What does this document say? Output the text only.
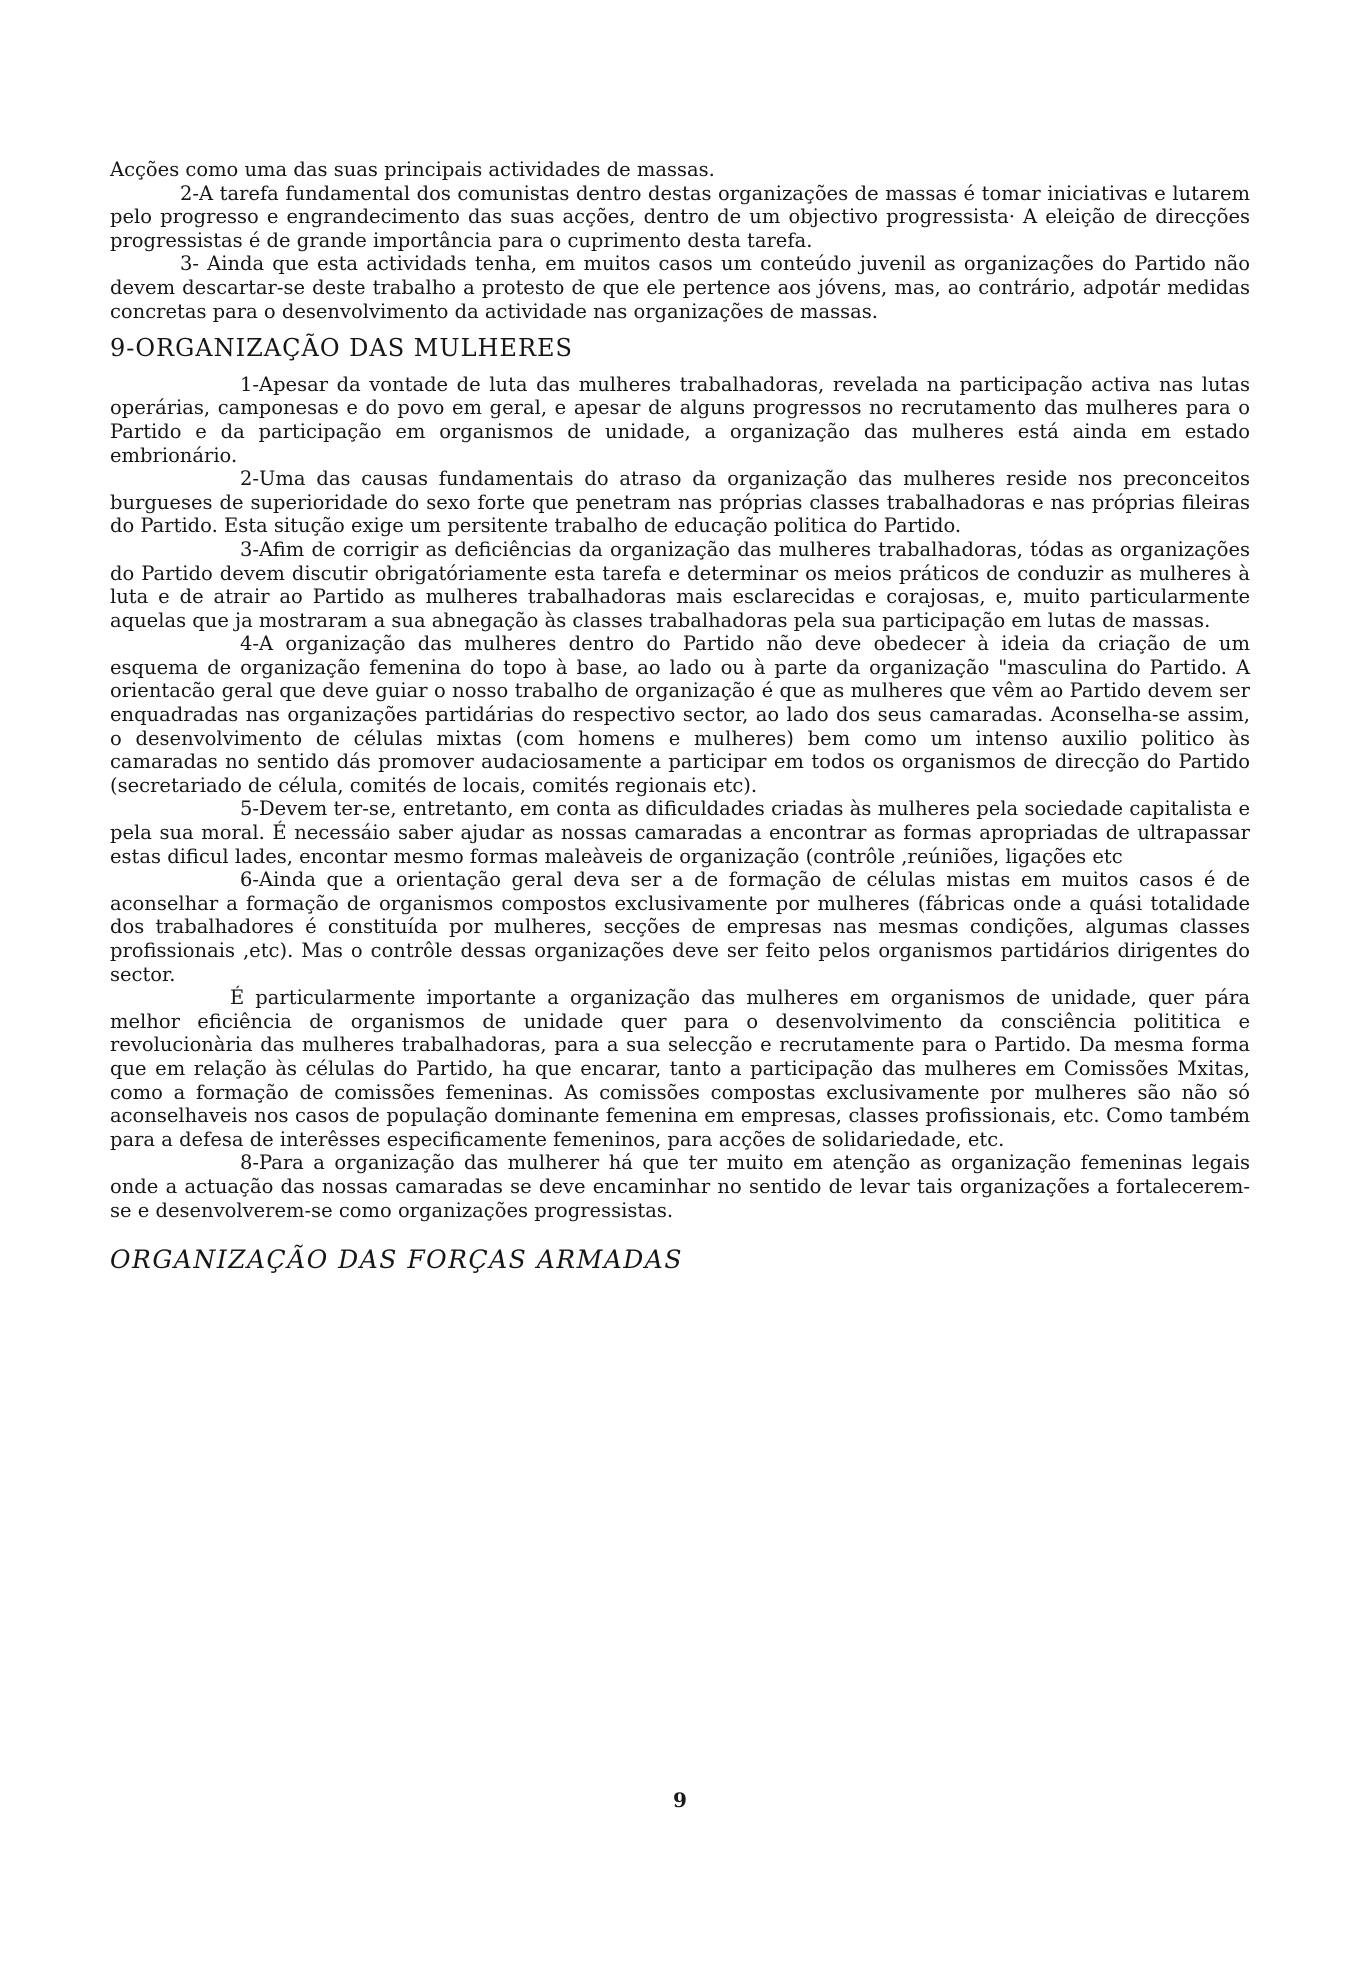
Acções como uma das suas principais actividades de massas.

2-A tarefa fundamental dos comunistas dentro destas organizações de massas é tomar iniciativas e lutarem pelo progresso e engrandecimento das suas acções, dentro de um objectivo progressista· A eleição de direcções progressistas é de grande importância para o cuprimento desta tarefa.

3- Ainda que esta actividads tenha, em muitos casos um conteúdo juvenil as organizações do Partido não devem descartar-se deste trabalho a protesto de que ele pertence aos jóvens, mas, ao contrário, adpotár medidas concretas para o desenvolvimento da actividade nas organizações de massas.

9-ORGANIZAÇÃO DAS MULHERES

1-Apesar da vontade de luta das mulheres trabalhadoras, revelada na participação activa nas lutas operárias, camponesas e do povo em geral, e apesar de alguns progressos no recrutamento das mulheres para o Partido e da participação em organismos de unidade, a organização das mulheres está ainda em estado embrionário.

2-Uma das causas fundamentais do atraso da organização das mulheres reside nos preconceitos burgueses de superioridade do sexo forte que penetram nas próprias classes trabalhadoras e nas próprias fileiras do Partido. Esta situção exige um persitente trabalho de educação politica do Partido.

3-Afim de corrigir as deficiências da organização das mulheres trabalhadoras, tódas as organizações do Partido devem discutir obrigatóriamente esta tarefa e determinar os meios práticos de conduzir as mulheres à luta e de atrair ao Partido as mulheres trabalhadoras mais esclarecidas e corajosas, e, muito particularmente aquelas que ja mostraram a sua abnegação às classes trabalhadoras pela sua participação em lutas de massas.

4-A organização das mulheres dentro do Partido não deve obedecer à ideia da criação de um esquema de organização femenina do topo à base, ao lado ou à parte da organização "masculina do Partido. A orientacão geral que deve guiar o nosso trabalho de organização é que as mulheres que vêm ao Partido devem ser enquadradas nas organizações partidárias do respectivo sector, ao lado dos seus camaradas. Aconselha-se assim, o desenvolvimento de células mixtas (com homens e mulheres) bem como um intenso auxilio politico às camaradas no sentido dás promover audaciosamente a participar em todos os organismos de direcção do Partido (secretariado de célula, comités de locais, comités regionais etc).

5-Devem ter-se, entretanto, em conta as dificuldades criadas às mulheres pela sociedade capitalista e pela sua moral. É necessáio saber ajudar as nossas camaradas a encontrar as formas apropriadas de ultrapassar estas dificul lades, encontar mesmo formas maleàveis de organização (contrôle ,reúniões, ligações etc

6-Ainda que a orientação geral deva ser a de formação de células mistas em muitos casos é de aconselhar a formação de organismos compostos exclusivamente por mulheres (fábricas onde a quási totalidade dos trabalhadores é constituída por mulheres, secções de empresas nas mesmas condições, algumas classes profissionais ,etc). Mas o contrôle dessas organizações deve ser feito pelos organismos partidários dirigentes do sector.

É particularmente importante a organização das mulheres em organismos de unidade, quer pára melhor eficiência de organismos de unidade quer para o desenvolvimento da consciência polititica e revolucionària das mulheres trabalhadoras, para a sua selecção e recrutamente para o Partido. Da mesma forma que em relação às células do Partido, ha que encarar, tanto a participação das mulheres em Comissões Mxitas, como a formação de comissões femeninas. As comissões compostas exclusivamente por mulheres são não só aconselhaveis nos casos de população dominante femenina em empresas, classes profissionais, etc. Como também para a defesa de interêsses especificamente femeninos, para acções de solidariedade, etc.

8-Para a organização das mulherer há que ter muito em atenção as organização femeninas legais onde a actuação das nossas camaradas se deve encaminhar no sentido de levar tais organizações a fortalecerem-se e desenvolverem-se como organizações progressistas.

ORGANIZAÇÃO DAS FORÇAS ARMADAS
9
